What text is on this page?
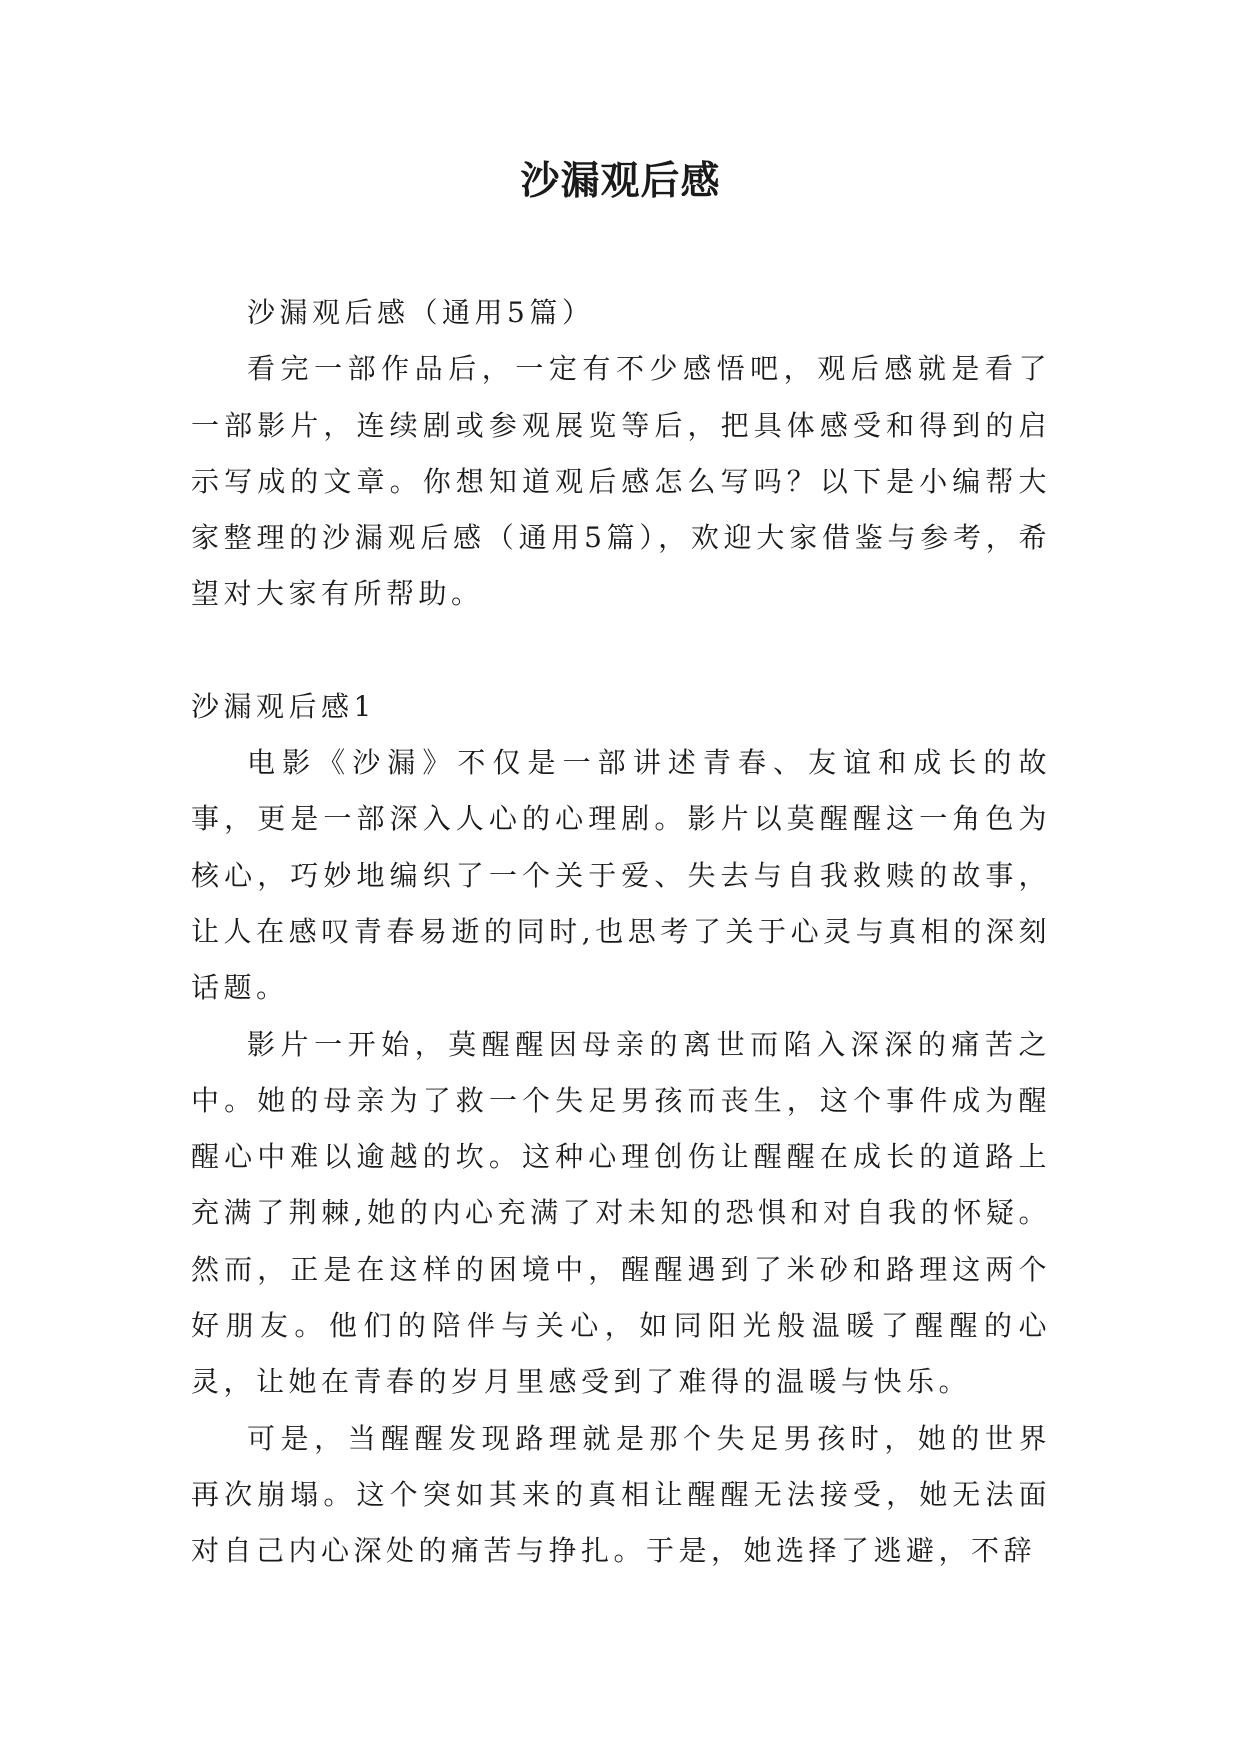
沙漏观后感

沙漏观后感（通用5篇）

看完一部作品后，一定有不少感悟吧，观后感就是看了一部影片，连续剧或参观展览等后，把具体感受和得到的启示写成的文章。你想知道观后感怎么写吗？以下是小编帮大家整理的沙漏观后感（通用5篇），欢迎大家借鉴与参考，希望对大家有所帮助。

沙漏观后感1

电影《沙漏》不仅是一部讲述青春、友谊和成长的故事，更是一部深入人心的心理剧。影片以莫醒醒这一角色为核心，巧妙地编织了一个关于爱、失去与自我救赎的故事，让人在感叹青春易逝的同时,也思考了关于心灵与真相的深刻话题。

影片一开始，莫醒醒因母亲的离世而陷入深深的痛苦之中。她的母亲为了救一个失足男孩而丧生，这个事件成为醒醒心中难以逾越的坎。这种心理创伤让醒醒在成长的道路上充满了荆棘,她的内心充满了对未知的恐惧和对自我的怀疑。然而，正是在这样的困境中，醒醒遇到了米砂和路理这两个好朋友。他们的陪伴与关心，如同阳光般温暖了醒醒的心灵，让她在青春的岁月里感受到了难得的温暖与快乐。

可是，当醒醒发现路理就是那个失足男孩时，她的世界再次崩塌。这个突如其来的真相让醒醒无法接受，她无法面对自己内心深处的痛苦与挣扎。于是，她选择了逃避，不辞
